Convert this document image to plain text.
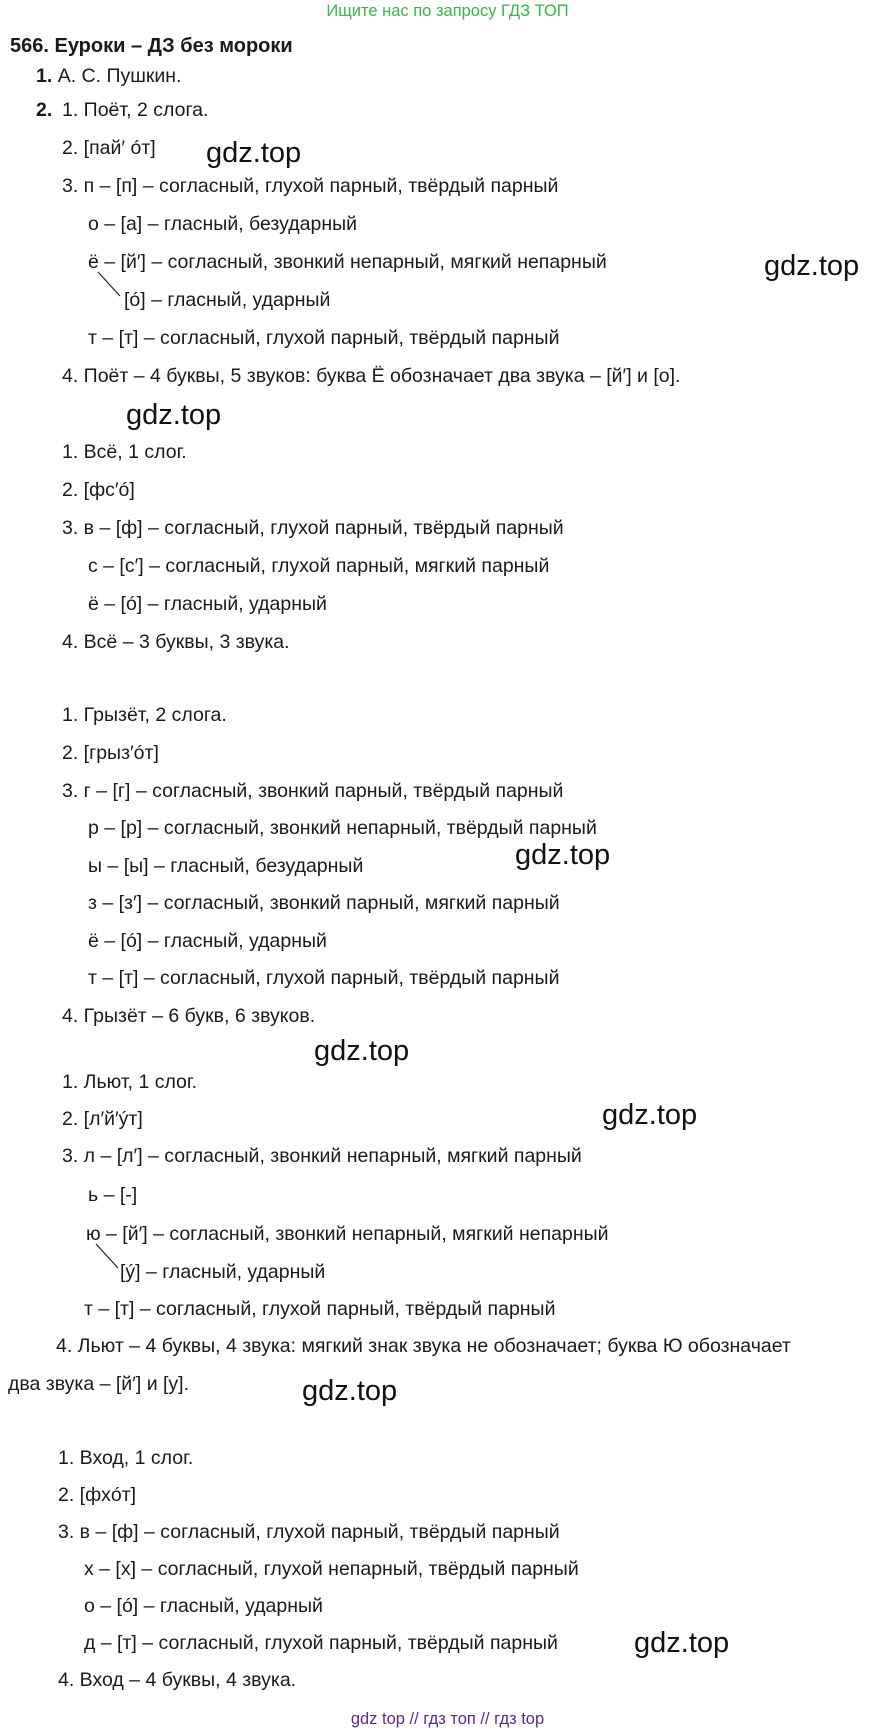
Ищите нас по запросу ГДЗ ТОП
566. Еуроки – ДЗ без мороки
1. А. С. Пушкин.
2. 1. Поёт, 2 слога.
2. [пай′ óт]
3. п – [п] – согласный, глухой парный, твёрдый парный
о – [а] – гласный, безударный
ё – [й′] – согласный, звонкий непарный, мягкий непарный
[ó] – гласный, ударный
т – [т] – согласный, глухой парный, твёрдый парный
4. Поёт – 4 буквы, 5 звуков: буква Ё обозначает два звука – [й′] и [о].
1. Всё, 1 слог.
2. [фс′ó]
3. в – [ф] – согласный, глухой парный, твёрдый парный
с – [с′] – согласный, глухой парный, мягкий парный
ё – [ó] – гласный, ударный
4. Всё – 3 буквы, 3 звука.
1. Грызёт, 2 слога.
2. [грыз′óт]
3. г – [г] – согласный, звонкий парный, твёрдый парный
р – [р] – согласный, звонкий непарный, твёрдый парный
ы – [ы] – гласный, безударный
з – [з′] – согласный, звонкий парный, мягкий парный
ё – [ó] – гласный, ударный
т – [т] – согласный, глухой парный, твёрдый парный
4. Грызёт – 6 букв, 6 звуков.
1. Льют, 1 слог.
2. [л′й′ýт]
3. л – [л′] – согласный, звонкий непарный, мягкий парный
ь – [-]
ю – [й′] – согласный, звонкий непарный, мягкий непарный
[ý] – гласный, ударный
т – [т] – согласный, глухой парный, твёрдый парный
4. Льют – 4 буквы, 4 звука: мягкий знак звука не обозначает; буква Ю обозначает
два звука – [й′] и [у].
1. Вход, 1 слог.
2. [фхóт]
3. в – [ф] – согласный, глухой парный, твёрдый парный
х – [х] – согласный, глухой непарный, твёрдый парный
о – [ó] – гласный, ударный
д – [т] – согласный, глухой парный, твёрдый парный
4. Вход – 4 буквы, 4 звука.
gdz.top
gdz.top
gdz.top
gdz.top
gdz.top
gdz.top
gdz.top
gdz.top
gdz top // гдз топ // гдз top
